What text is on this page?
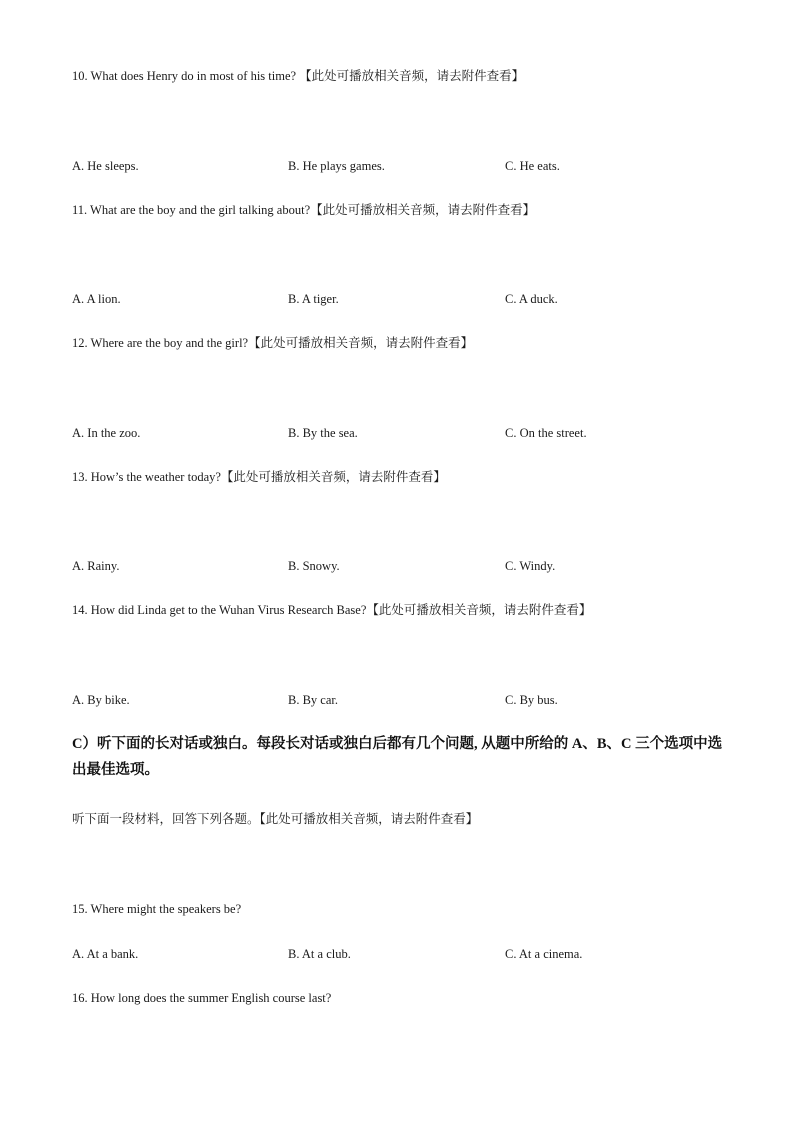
10. What does Henry do in most of his time? 【此处可播放相关音频，请去附件查看】
A. He sleeps.	B. He plays games.	C. He eats.
11. What are the boy and the girl talking about?【此处可播放相关音频，请去附件查看】
A. A lion.	B. A tiger.	C. A duck.
12. Where are the boy and the girl?【此处可播放相关音频，请去附件查看】
A. In the zoo.	B. By the sea.	C. On the street.
13. How’s the weather today?【此处可播放相关音频，请去附件查看】
A. Rainy.	B. Snowy.	C. Windy.
14. How did Linda get to the Wuhan Virus Research Base?【此处可播放相关音频，请去附件查看】
A. By bike.	B. By car.	C. By bus.
C）听下面的长对话或独白。每段长对话或独白后都有几个问题, 从题中所给的 A、B、C 三个选项中选出最佳选项。
听下面一段材料，回答下列各题。【此处可播放相关音频，请去附件查看】
15. Where might the speakers be?
A. At a bank.	B. At a club.	C. At a cinema.
16. How long does the summer English course last?
